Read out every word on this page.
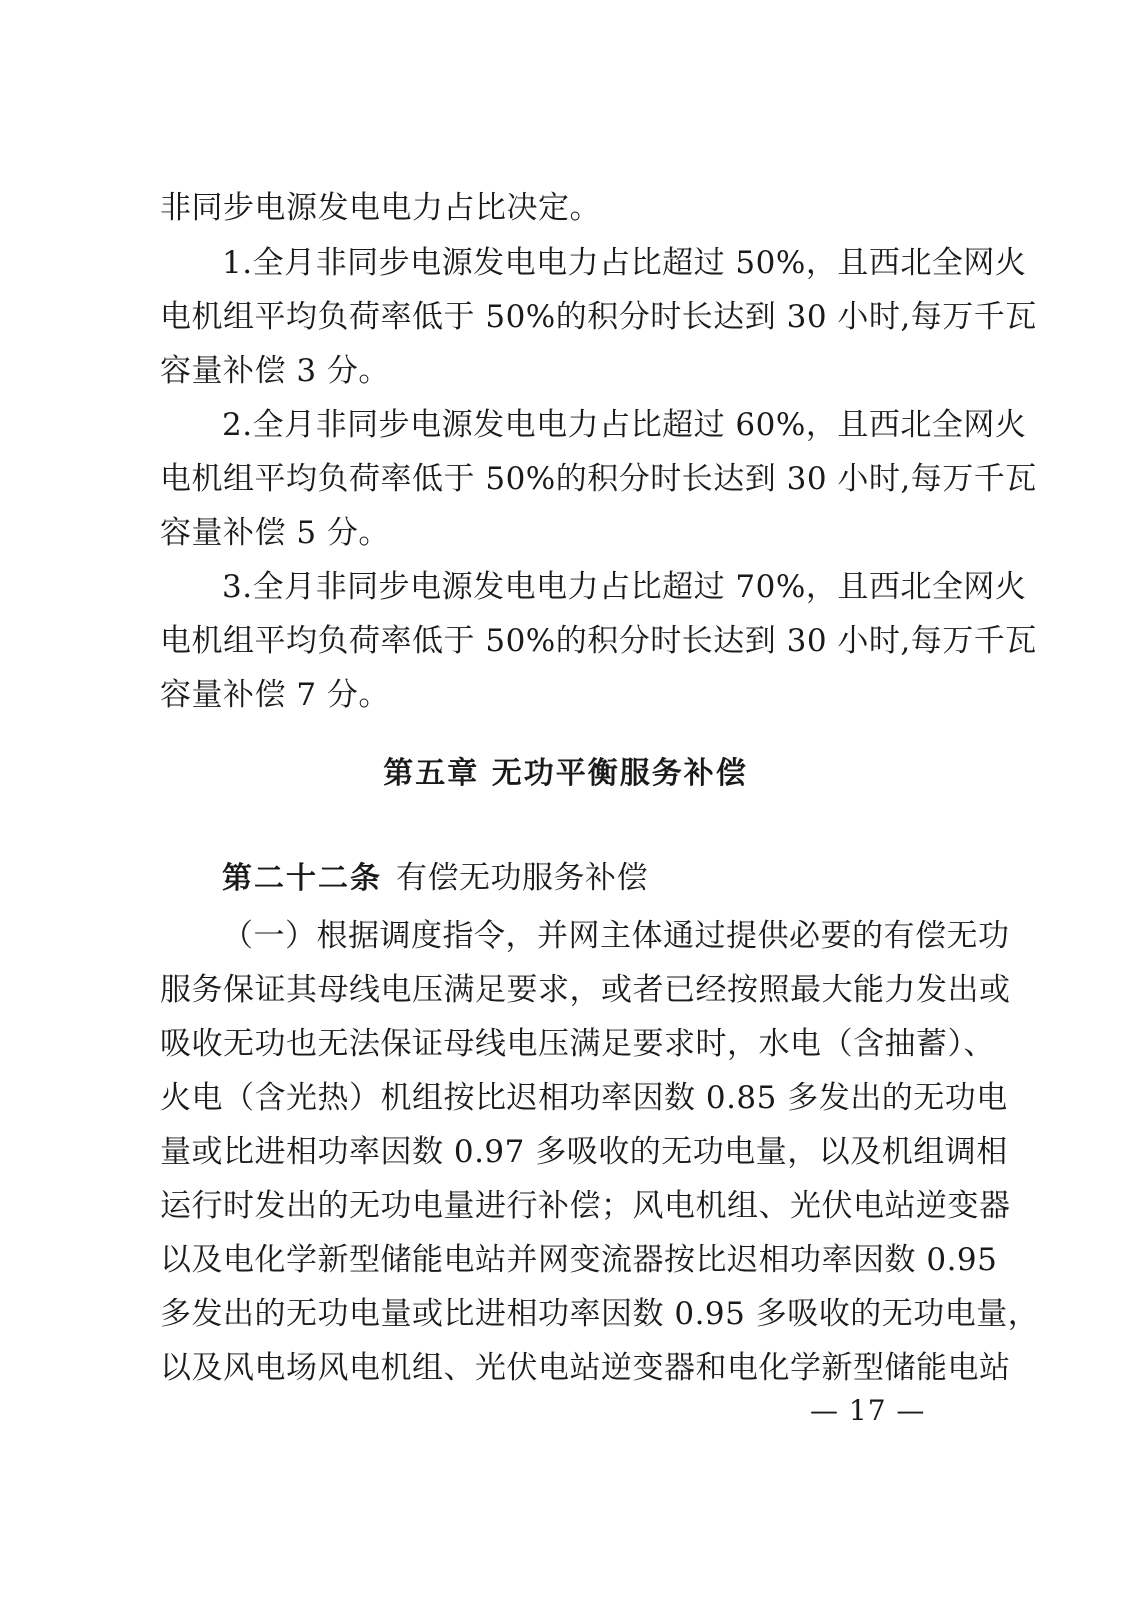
非同步电源发电电力占比决定。
1.全月非同步电源发电电力占比超过 50%，且西北全网火
电机组平均负荷率低于 50%的积分时长达到 30 小时,每万千瓦
容量补偿 3 分。
2.全月非同步电源发电电力占比超过 60%，且西北全网火
电机组平均负荷率低于 50%的积分时长达到 30 小时,每万千瓦
容量补偿 5 分。
3.全月非同步电源发电电力占比超过 70%，且西北全网火
电机组平均负荷率低于 50%的积分时长达到 30 小时,每万千瓦
容量补偿 7 分。
第五章 无功平衡服务补偿
第二十二条 有偿无功服务补偿
（一）根据调度指令，并网主体通过提供必要的有偿无功
服务保证其母线电压满足要求，或者已经按照最大能力发出或
吸收无功也无法保证母线电压满足要求时，水电（含抽蓄）、
火电（含光热）机组按比迟相功率因数 0.85 多发出的无功电
量或比进相功率因数 0.97 多吸收的无功电量，以及机组调相
运行时发出的无功电量进行补偿；风电机组、光伏电站逆变器
以及电化学新型储能电站并网变流器按比迟相功率因数 0.95
多发出的无功电量或比进相功率因数 0.95 多吸收的无功电量，
以及风电场风电机组、光伏电站逆变器和电化学新型储能电站
— 17 —
